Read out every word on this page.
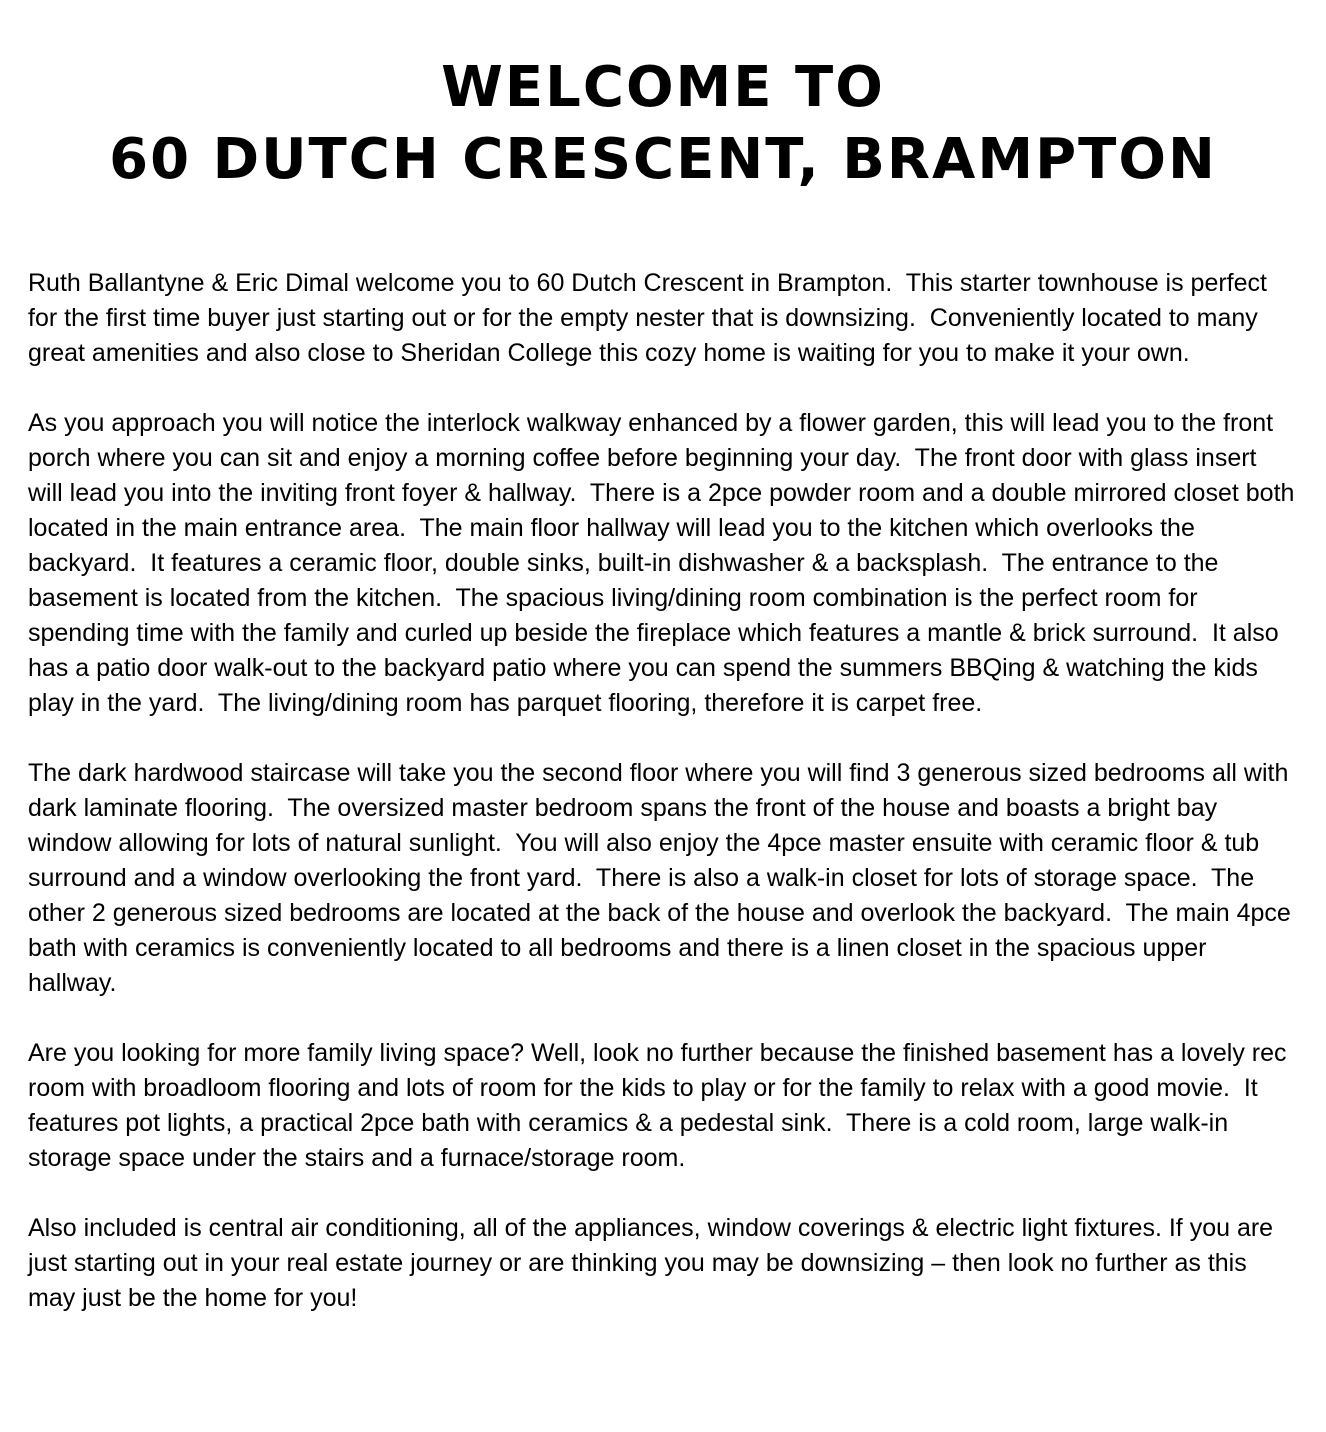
WELCOME TO
60 DUTCH CRESCENT, BRAMPTON

Ruth Ballantyne & Eric Dimal welcome you to 60 Dutch Crescent in Brampton.  This starter townhouse is perfect for the first time buyer just starting out or for the empty nester that is downsizing.  Conveniently located to many great amenities and also close to Sheridan College this cozy home is waiting for you to make it your own.

As you approach you will notice the interlock walkway enhanced by a flower garden, this will lead you to the front porch where you can sit and enjoy a morning coffee before beginning your day.  The front door with glass insert will lead you into the inviting front foyer & hallway.  There is a 2pce powder room and a double mirrored closet both located in the main entrance area.  The main floor hallway will lead you to the kitchen which overlooks the backyard.  It features a ceramic floor, double sinks, built-in dishwasher & a backsplash.  The entrance to the basement is located from the kitchen.  The spacious living/dining room combination is the perfect room for spending time with the family and curled up beside the fireplace which features a mantle & brick surround.  It also has a patio door walk-out to the backyard patio where you can spend the summers BBQing & watching the kids play in the yard.  The living/dining room has parquet flooring, therefore it is carpet free.

The dark hardwood staircase will take you the second floor where you will find 3 generous sized bedrooms all with dark laminate flooring.  The oversized master bedroom spans the front of the house and boasts a bright bay window allowing for lots of natural sunlight.  You will also enjoy the 4pce master ensuite with ceramic floor & tub surround and a window overlooking the front yard.  There is also a walk-in closet for lots of storage space.  The other 2 generous sized bedrooms are located at the back of the house and overlook the backyard.  The main 4pce bath with ceramics is conveniently located to all bedrooms and there is a linen closet in the spacious upper hallway.

Are you looking for more family living space? Well, look no further because the finished basement has a lovely rec room with broadloom flooring and lots of room for the kids to play or for the family to relax with a good movie.  It features pot lights, a practical 2pce bath with ceramics & a pedestal sink.  There is a cold room, large walk-in storage space under the stairs and a furnace/storage room.

Also included is central air conditioning, all of the appliances, window coverings & electric light fixtures. If you are just starting out in your real estate journey or are thinking you may be downsizing – then look no further as this may just be the home for you!
